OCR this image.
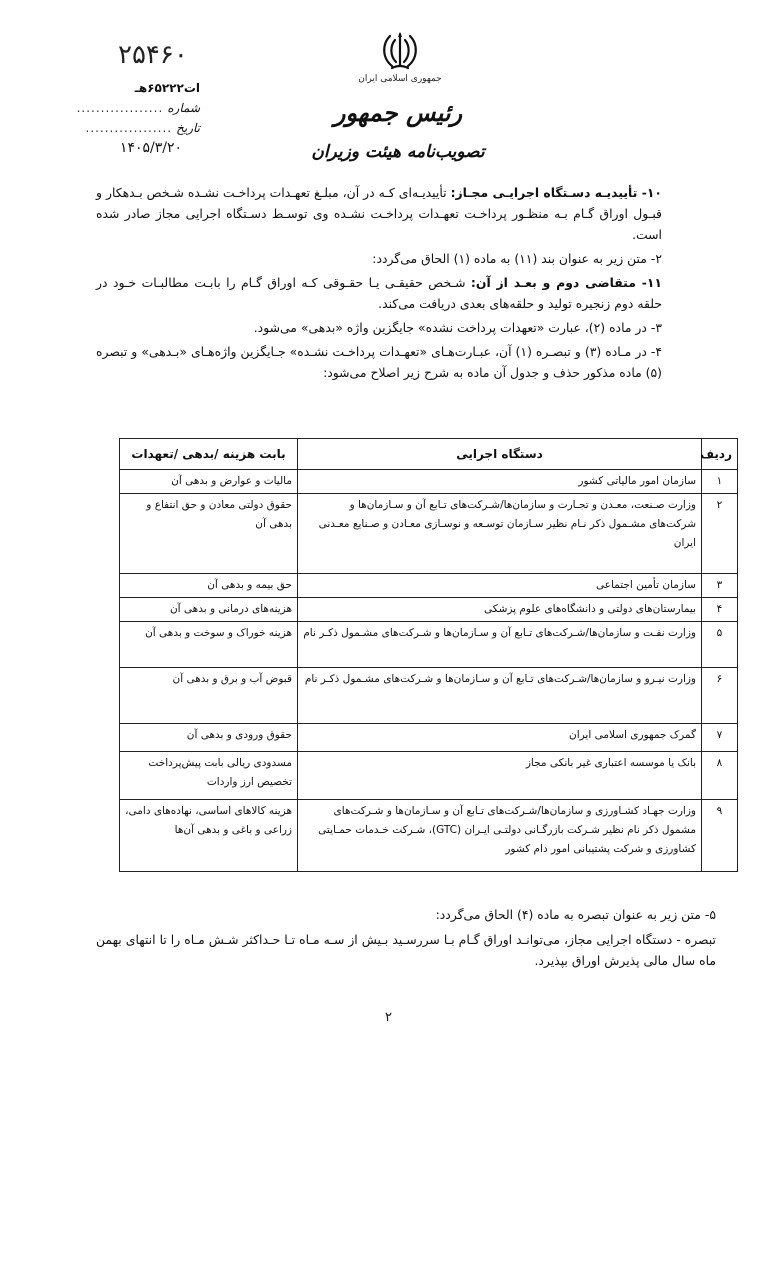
۲۵۴۶۰
ات۶۵۲۲۲هـ
شماره
..................
تاریخ
..................
۱۴۰۵/۳/۲۰
جمهوری اسلامی ایران
رئیس جمهور
تصویب‌نامه هیئت وزیران

۱۰- تأییدیـه دسـتگاه اجرایـی مجـاز: تأییدیـه‌ای کـه در آن، مبلـغ تعهـدات پرداخـت نشـده شـخص بـدهکار و قبـول اوراق گـام بـه منظـور پرداخـت تعهـدات پرداخـت نشـده وی توسـط دسـتگاه اجرایی مجاز صادر شده است.

۲- متن زیر به عنوان بند (۱۱) به ماده (۱) الحاق می‌گردد:

۱۱- متقاضی دوم و بعـد از آن: شـخص حقیقـی یـا حقـوقی کـه اوراق گـام را بابـت مطالبـات خـود در حلقه دوم زنجیره تولید و حلقه‌های بعدی دریافت می‌کند.

۳- در ماده (۲)، عبارت «تعهدات پرداخت نشده» جایگزین واژه «بدهی» می‌شود.

۴- در مـاده (۳) و تبصـره (۱) آن، عبـارت‌هـای «تعهـدات پرداخـت نشـده» جـایگزین واژه‌هـای «بـدهی» و تبصره (۵) ماده مذکور حذف و جدول آن ماده به شرح زیر اصلاح می‌شود:

ردیف	دستگاه اجرایی	بابت هزینه /بدهی /تعهدات
۱	سازمان امور مالیاتی کشور	مالیات و عوارض و بدهی آن
۲	وزارت صـنعت، معـدن و تجـارت و سازمان‌ها/شـرکت‌های تـابع آن و سـازمان‌ها و شرکت‌های مشـمول ذکر نـام نظیر سـازمان توسـعه و نوسـازی معـادن و صـنایع معـدنی ایران	حقوق دولتی معادن و حق انتفاع و بدهی آن
۳	سازمان تأمین اجتماعی	حق بیمه و بدهی آن
۴	بیمارستان‌های دولتی و دانشگاه‌های علوم پزشکی	هزینه‌های درمانی و بدهی آن
۵	وزارت نفـت و سازمان‌ها/شـرکت‌های تـابع آن و سـازمان‌ها و شـرکت‌های مشـمول ذکـر نام	هزینه خوراک و سوخت و بدهی آن
۶	وزارت نیـرو و سازمان‌ها/شـرکت‌های تـابع آن و سـازمان‌ها و شـرکت‌های مشـمول ذکـر نام	قبوض آب و برق و بدهی آن
۷	گمرک جمهوری اسلامی ایران	حقوق ورودی و بدهی آن
۸	بانک یا موسسه اعتباری غیر بانکی مجاز	مسدودی ریالی بابت پیش‌پرداخت تخصیص ارز واردات
۹	وزارت جهـاد کشـاورزی و سازمان‌ها/شـرکت‌های تـابع آن و سـازمان‌ها و شـرکت‌های مشمول ذکر نام نظیر شـرکت بازرگـانی دولتـی ایـران (GTC)، شـرکت خـدمات حمـایتی کشاورزی و شرکت پشتیبانی امور دام کشور	هزینه کالاهای اساسی، نهاده‌های دامی، زراعی و باغی و بدهی آن‌ها

۵- متن زیر به عنوان تبصره به ماده (۴) الحاق می‌گردد:

تبصره - دستگاه اجرایی مجاز، می‌توانـد اوراق گـام بـا سررسـید بـیش از سـه مـاه تـا حـداکثر شـش مـاه را تا انتهای بهمن ماه سال مالی پذیرش اوراق بپذیرد.

۲
